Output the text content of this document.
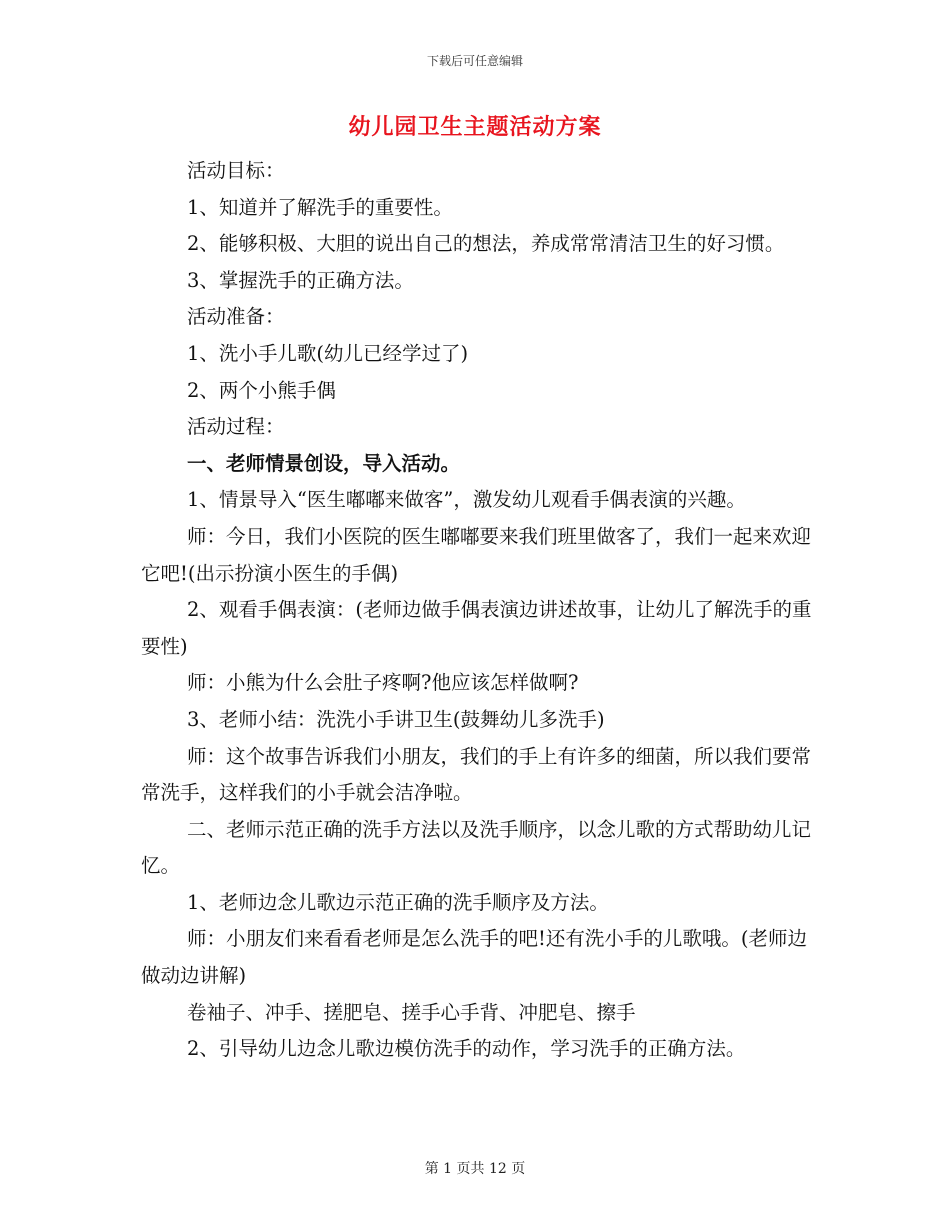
下载后可任意编辑
幼儿园卫生主题活动方案

活动目标：

1、知道并了解洗手的重要性。

2、能够积极、大胆的说出自己的想法，养成常常清洁卫生的好习惯。

3、掌握洗手的正确方法。

活动准备：

1、洗小手儿歌(幼儿已经学过了)

2、两个小熊手偶

活动过程：

一、老师情景创设，导入活动。

1、情景导入“医生嘟嘟来做客”，激发幼儿观看手偶表演的兴趣。

师：今日，我们小医院的医生嘟嘟要来我们班里做客了，我们一起来欢迎它吧!(出示扮演小医生的手偶)

2、观看手偶表演：(老师边做手偶表演边讲述故事，让幼儿了解洗手的重要性)

师：小熊为什么会肚子疼啊?他应该怎样做啊?

3、老师小结：洗洗小手讲卫生(鼓舞幼儿多洗手)

师：这个故事告诉我们小朋友，我们的手上有许多的细菌，所以我们要常常洗手，这样我们的小手就会洁净啦。

二、老师示范正确的洗手方法以及洗手顺序，以念儿歌的方式帮助幼儿记忆。

1、老师边念儿歌边示范正确的洗手顺序及方法。

师：小朋友们来看看老师是怎么洗手的吧!还有洗小手的儿歌哦。(老师边做动边讲解)

卷袖子、冲手、搓肥皂、搓手心手背、冲肥皂、擦手

2、引导幼儿边念儿歌边模仿洗手的动作，学习洗手的正确方法。

第 1 页共 12 页
